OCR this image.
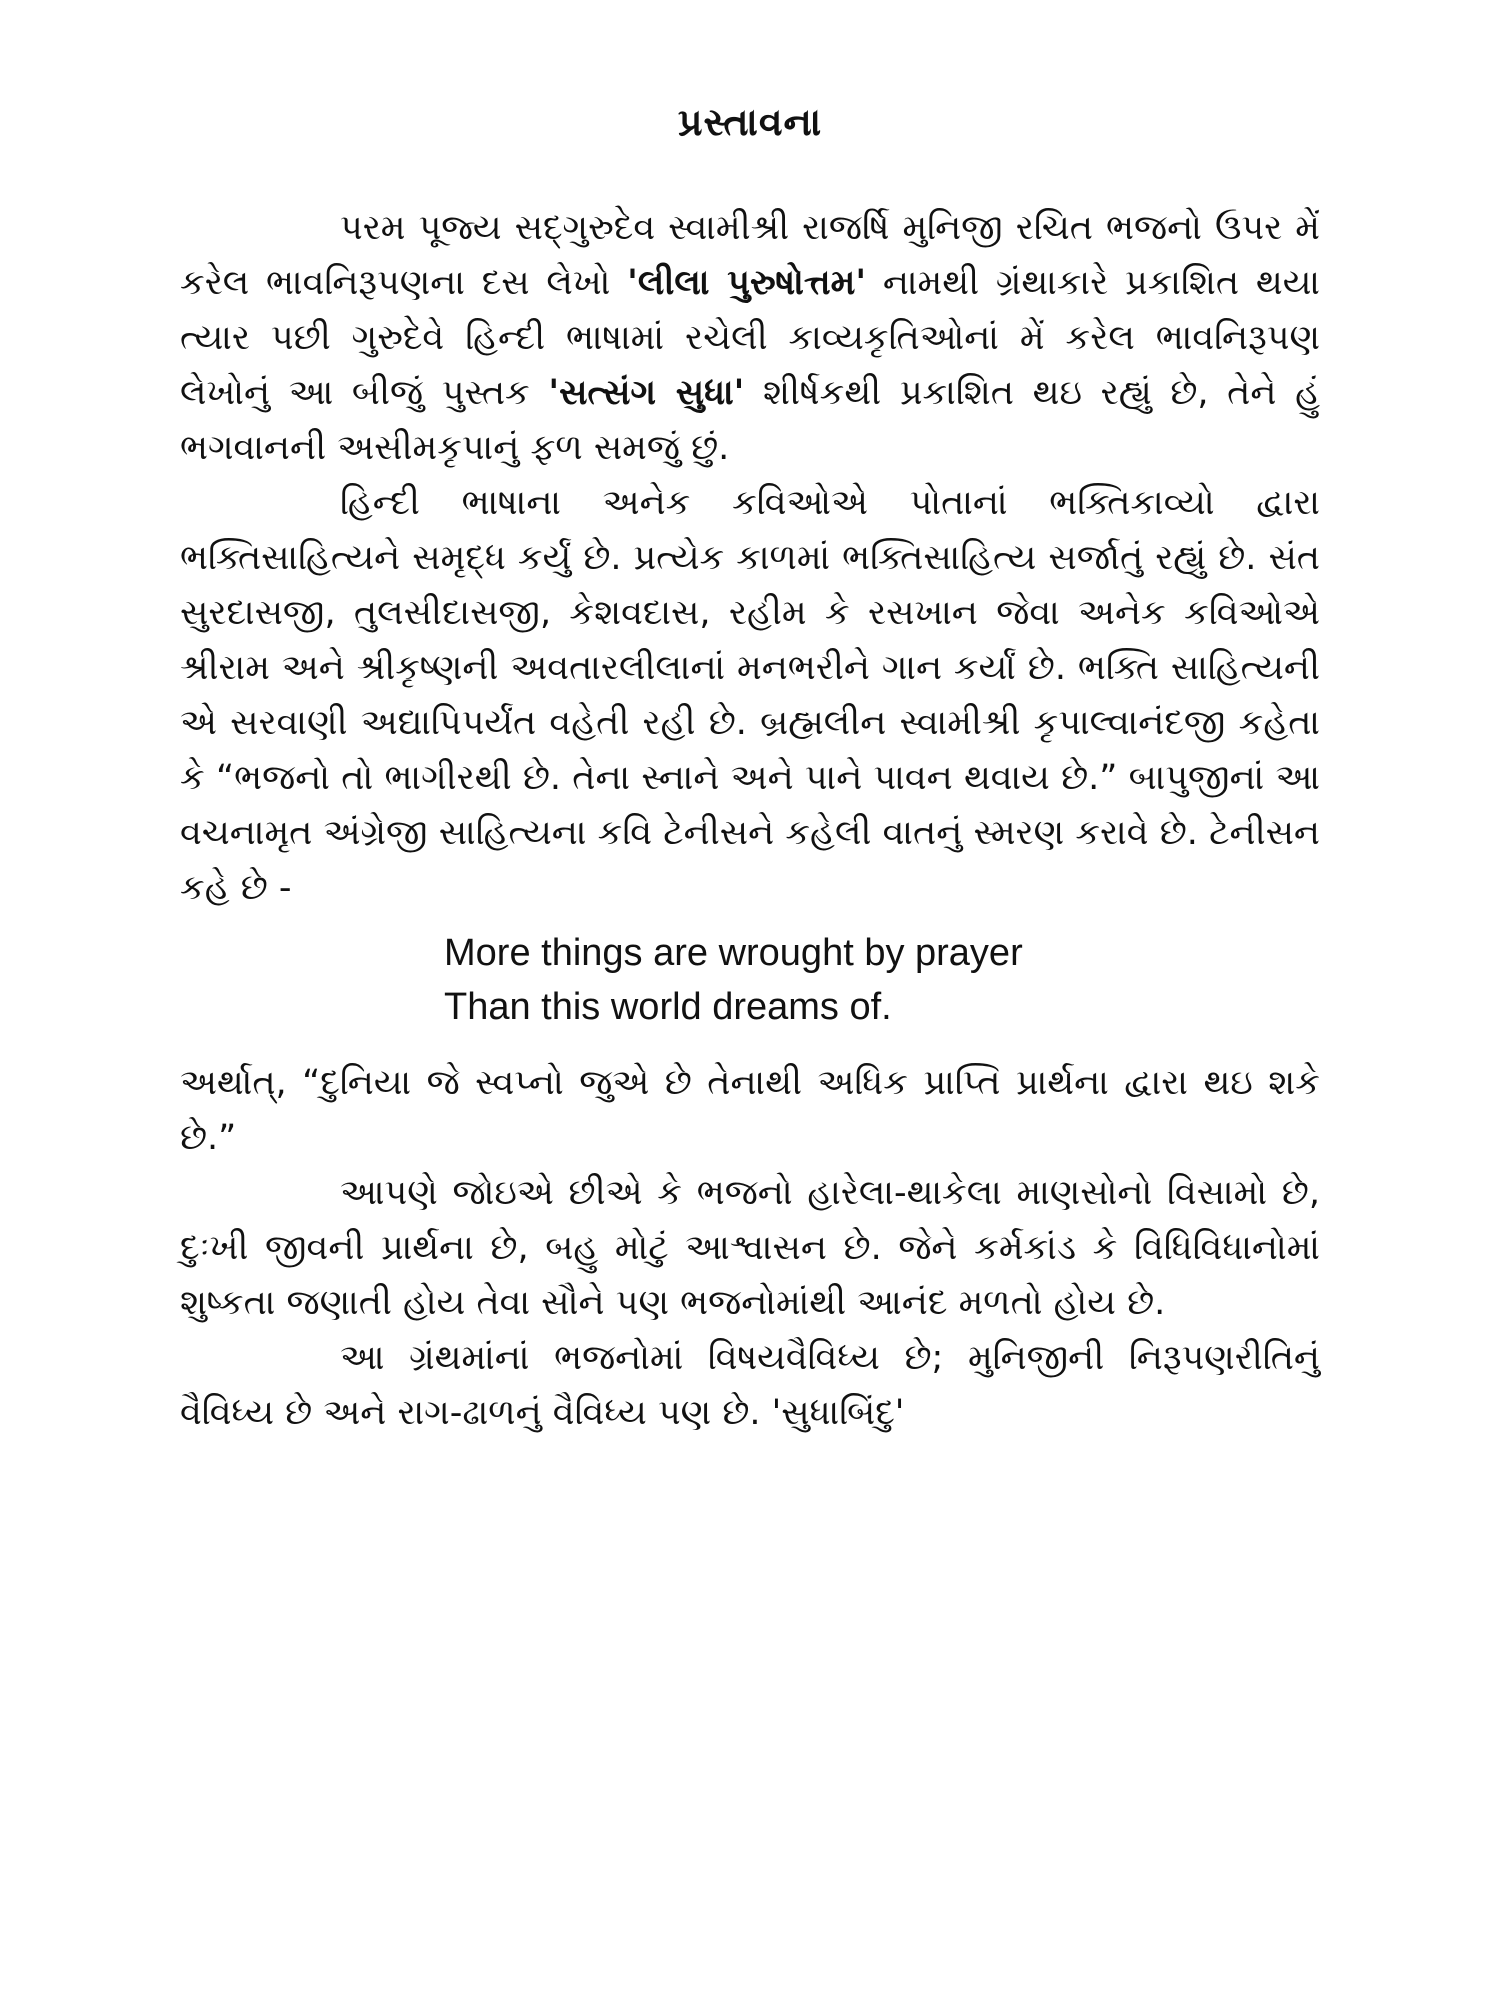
પ્રસ્તાવના

પરમ પૂજ્ય સદ્‌ગુરુદેવ સ્વામીશ્રી રાજર્ષિ મુનિજી રચિત ભજનો ઉપર મેં કરેલ ભાવનિરૂપણના દસ લેખો 'લીલા પુરુષોત્તમ' નામથી ગ્રંથાકારે પ્રકાશિત થયા ત્યાર પછી ગુરુદેવે હિન્દી ભાષામાં રચેલી કાવ્યકૃતિઓનાં મેં કરેલ ભાવનિરૂપણ લેખોનું આ બીજું પુસ્તક 'સત્સંગ સુધા' શીર્ષકથી પ્રકાશિત થઇ રહ્યું છે, તેને હું ભગવાનની અસીમકૃપાનું ફળ સમજું છું.

હિન્દી ભાષાના અનેક કવિઓએ પોતાનાં ભક્તિકાવ્યો દ્વારા ભક્તિસાહિત્યને સમૃદ્ધ કર્યું છે. પ્રત્યેક કાળમાં ભક્તિસાહિત્ય સર્જાતું રહ્યું છે. સંત સુરદાસજી, તુલસીદાસજી, કેશવદાસ, રહીમ કે રસખાન જેવા અનેક કવિઓએ શ્રીરામ અને શ્રીકૃષ્ણની અવતારલીલાનાં મનભરીને ગાન કર્યાં છે. ભક્તિ સાહિત્યની એ સરવાણી અદ્યાપિપર્યંત વહેતી રહી છે. બ્રહ્મલીન સ્વામીશ્રી કૃપાલ્વાનંદજી કહેતા કે “ભજનો તો ભાગીરથી છે. તેના સ્નાને અને પાને પાવન થવાય છે.” બાપુજીનાં આ વચનામૃત અંગ્રેજી સાહિત્યના કવિ ટેનીસને કહેલી વાતનું સ્મરણ કરાવે છે. ટેનીસન કહે છે -

More things are wrought by prayer
Than this world dreams of.

અર્થાત્, “દુનિયા જે સ્વપ્નો જુએ છે તેનાથી અધિક પ્રાપ્તિ પ્રાર્થના દ્વારા થઇ શકે છે.”

આપણે જોઇએ છીએ કે ભજનો હારેલા-થાકેલા માણસોનો વિસામો છે, દુઃખી જીવની પ્રાર્થના છે, બહુ મોટું આશ્વાસન છે. જેને કર્મકાંડ કે વિધિવિધાનોમાં શુષ્કતા જણાતી હોય તેવા સૌને પણ ભજનોમાંથી આનંદ મળતો હોય છે.

આ ગ્રંથમાંનાં ભજનોમાં વિષયવૈવિધ્ય છે; મુનિજીની નિરૂપણરીતિનું વૈવિધ્ય છે અને રાગ-ઢાળનું વૈવિધ્ય પણ છે. 'સુધાબિંદુ'
